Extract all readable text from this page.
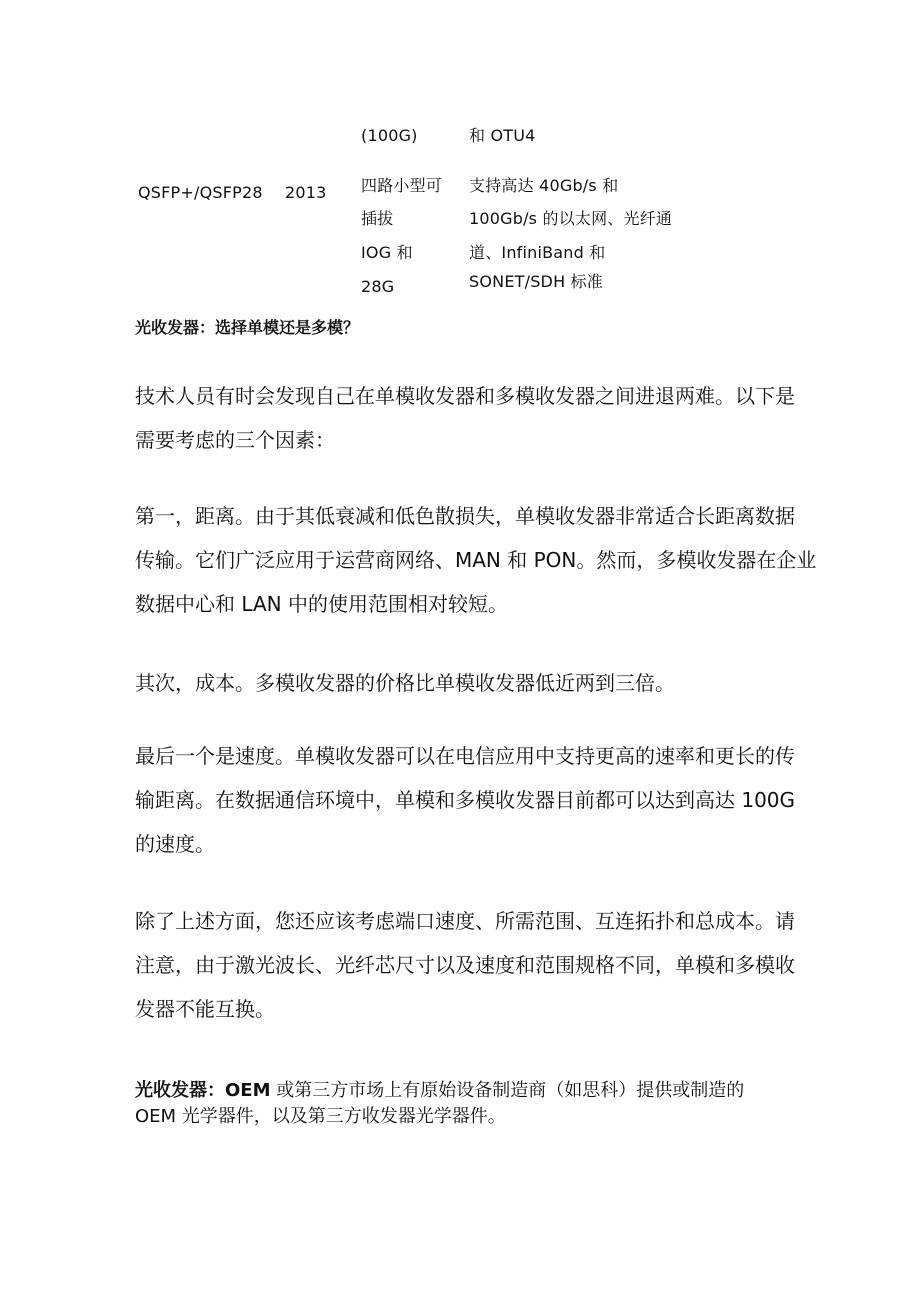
(100G)	和 OTU4
QSFP+/QSFP28 2013 四路小型可
插拔
IOG 和
28G
支持高达 40Gb/s 和
100Gb/s 的以太网、光纤通
道、InfiniBand 和
SONET/SDH 标准
光收发器：选择单模还是多模？
技术人员有时会发现自己在单模收发器和多模收发器之间进退两难。以下是
需要考虑的三个因素：
第一，距离。由于其低衰减和低色散损失，单模收发器非常适合长距离数据
传输。它们广泛应用于运营商网络、MAN 和 PON。然而，多模收发器在企业
数据中心和 LAN 中的使用范围相对较短。
其次，成本。多模收发器的价格比单模收发器低近两到三倍。
最后一个是速度。单模收发器可以在电信应用中支持更高的速率和更长的传
输距离。在数据通信环境中，单模和多模收发器目前都可以达到高达 100G
的速度。
除了上述方面，您还应该考虑端口速度、所需范围、互连拓扑和总成本。请
注意，由于激光波长、光纤芯尺寸以及速度和范围规格不同，单模和多模收
发器不能互换。
光收发器：OEM 或第三方市场上有原始设备制造商（如思科）提供或制造的
OEM 光学器件，以及第三方收发器光学器件。
